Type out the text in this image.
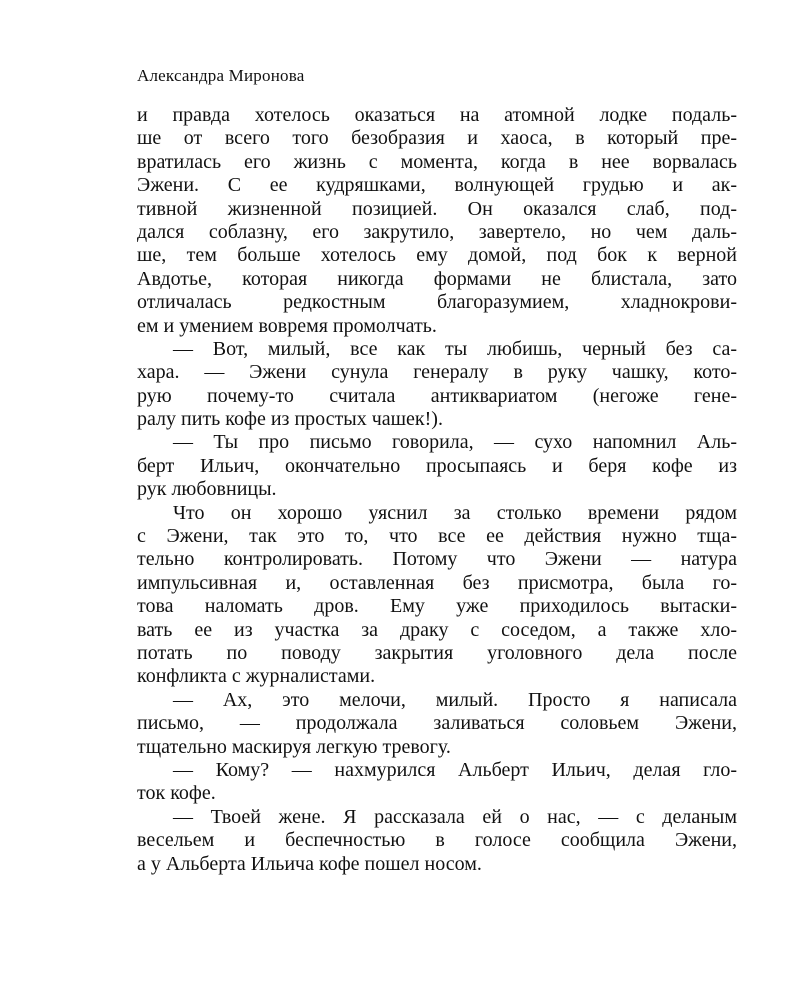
Александра Миронова
и правда хотелось оказаться на атомной лодке подаль-
ше от всего того безобразия и хаоса, в который пре-
вратилась его жизнь с момента, когда в нее ворвалась
Эжени. С ее кудряшками, волнующей грудью и ак-
тивной жизненной позицией. Он оказался слаб, под-
дался соблазну, его закрутило, завертело, но чем даль-
ше, тем больше хотелось ему домой, под бок к верной
Авдотье, которая никогда формами не блистала, зато
отличалась редкостным благоразумием, хладнокрови-
ем и умением вовремя промолчать.
— Вот, милый, все как ты любишь, черный без са-
хара. — Эжени сунула генералу в руку чашку, кото-
рую почему-то считала антиквариатом (негоже гене-
ралу пить кофе из простых чашек!).
— Ты про письмо говорила, — сухо напомнил Аль-
берт Ильич, окончательно просыпаясь и беря кофе из
рук любовницы.
Что он хорошо уяснил за столько времени рядом
с Эжени, так это то, что все ее действия нужно тща-
тельно контролировать. Потому что Эжени — натура
импульсивная и, оставленная без присмотра, была го-
това наломать дров. Ему уже приходилось вытаски-
вать ее из участка за драку с соседом, а также хло-
потать по поводу закрытия уголовного дела после
конфликта с журналистами.
— Ах, это мелочи, милый. Просто я написала
письмо, — продолжала заливаться соловьем Эжени,
тщательно маскируя легкую тревогу.
— Кому? — нахмурился Альберт Ильич, делая гло-
ток кофе.
— Твоей жене. Я рассказала ей о нас, — с деланым
весельем и беспечностью в голосе сообщила Эжени,
а у Альберта Ильича кофе пошел носом.
